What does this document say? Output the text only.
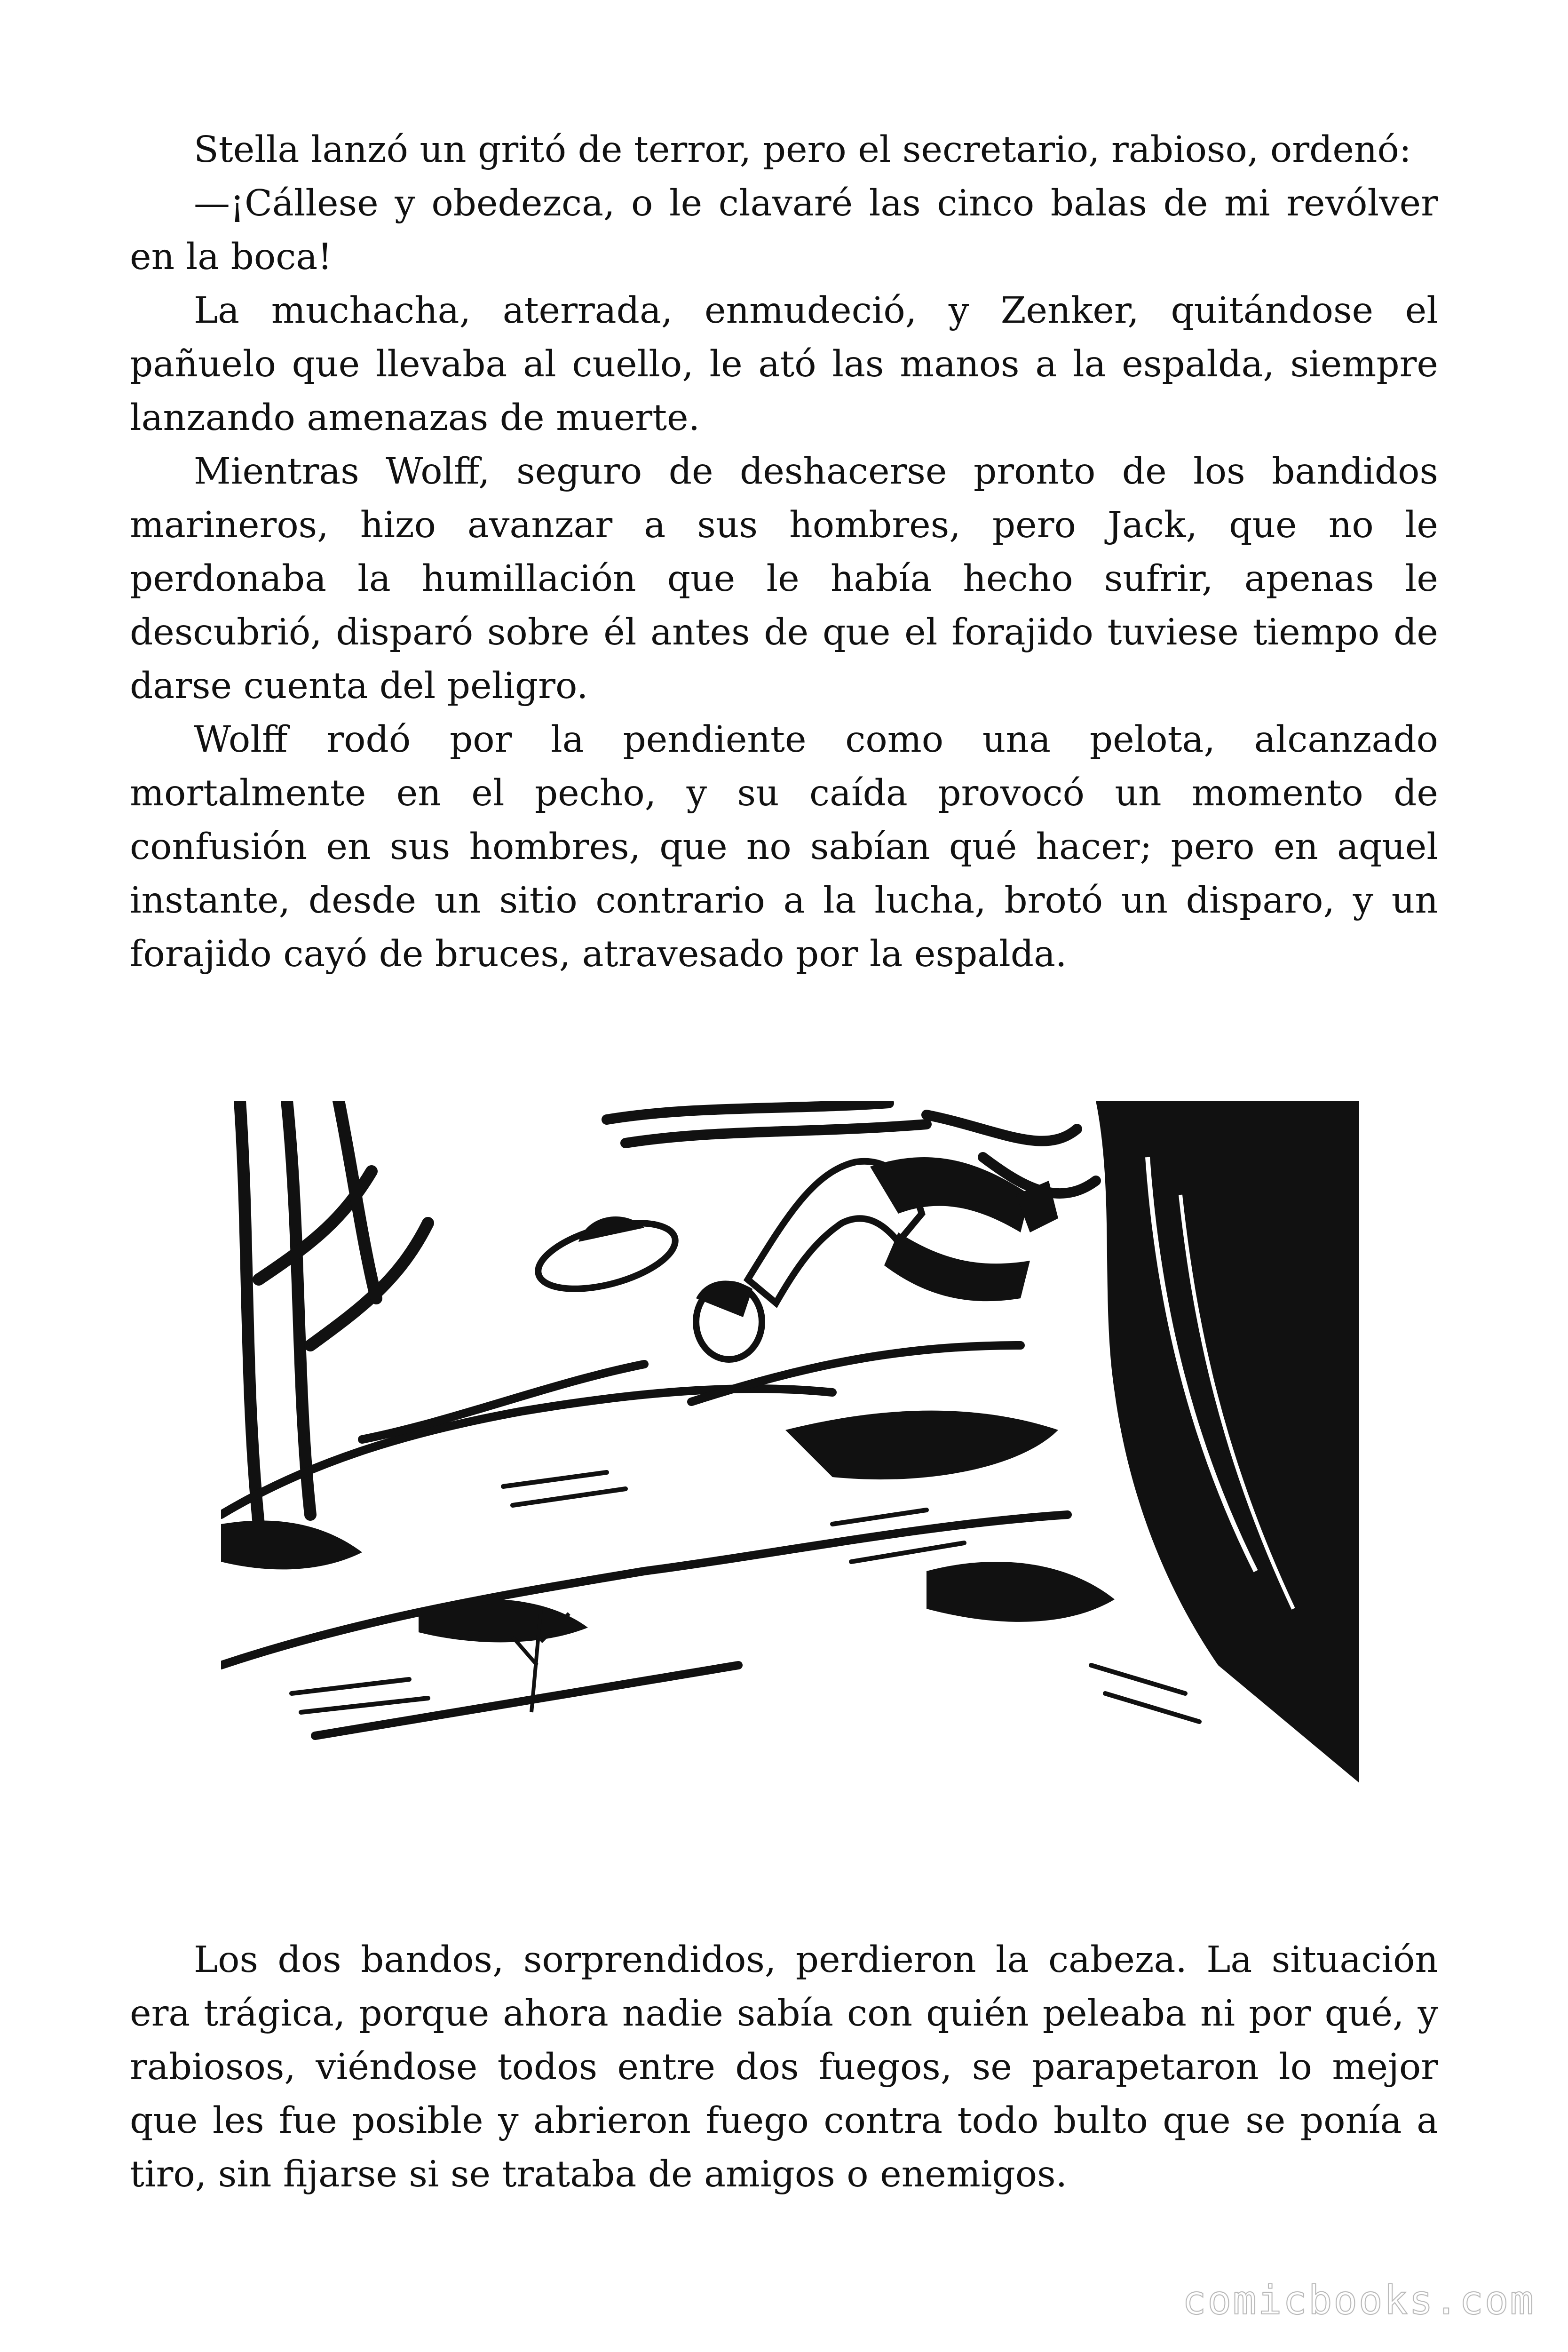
Stella lanzó un gritó de terror, pero el secretario, rabioso, ordenó:

—¡Cállese y obedezca, o le clavaré las cinco balas de mi revólver en la boca!

La muchacha, aterrada, enmudeció, y Zenker, quitándose el pañuelo que llevaba al cuello, le ató las manos a la espalda, siempre lanzando amenazas de muerte.

Mientras Wolff, seguro de deshacerse pronto de los bandidos marineros, hizo avanzar a sus hombres, pero Jack, que no le perdonaba la humillación que le había hecho sufrir, apenas le descubrió, disparó sobre él antes de que el forajido tuviese tiempo de darse cuenta del peligro.

Wolff rodó por la pendiente como una pelota, alcanzado mortalmente en el pecho, y su caída provocó un momento de confusión en sus hombres, que no sabían qué hacer; pero en aquel instante, desde un sitio contrario a la lucha, brotó un disparo, y un forajido cayó de bruces, atravesado por la espalda.

Los dos bandos, sorprendidos, perdieron la cabeza. La situación era trágica, porque ahora nadie sabía con quién peleaba ni por qué, y rabiosos, viéndose todos entre dos fuegos, se parapetaron lo mejor que les fue posible y abrieron fuego contra todo bulto que se ponía a tiro, sin fijarse si se trataba de amigos o enemigos.

comicbooks.com
